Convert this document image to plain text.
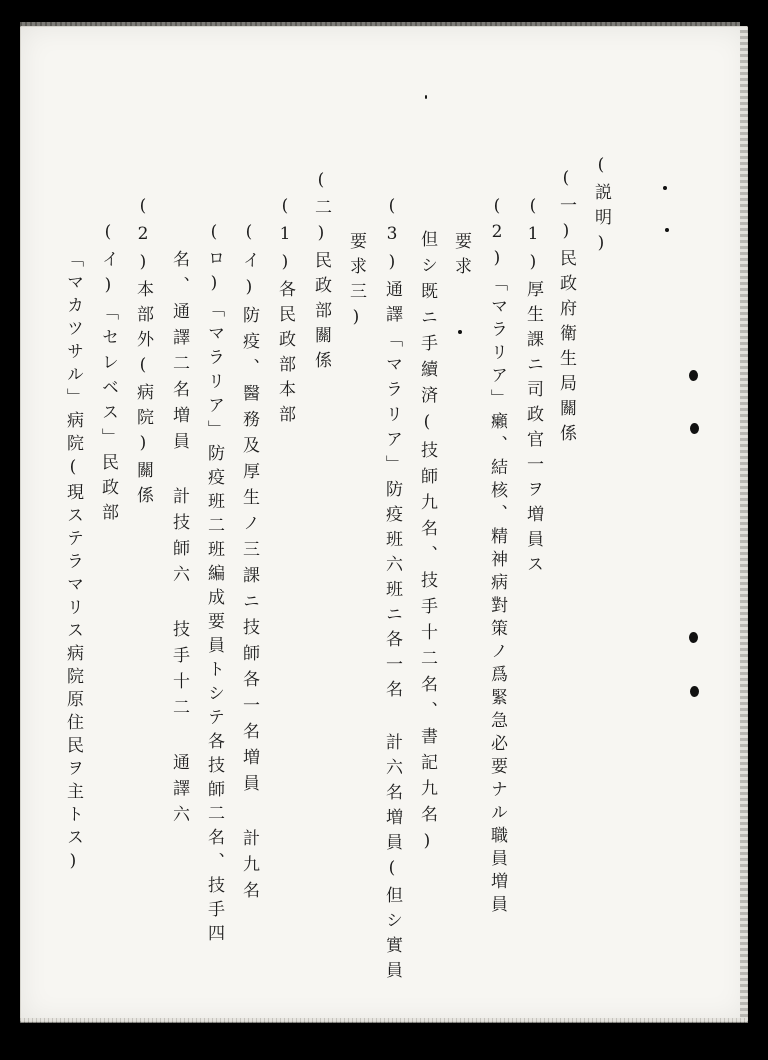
(説明)
(一)民政府衛生局關係
(1)厚生課ニ司政官一ヲ増員ス
(2)「マラリア」癩、結核、精神病對策ノ爲緊急必要ナル職員増員
要求
但シ既ニ手續済(技師九名、技手十二名、書記九名)
(3)通譯「マラリア」防疫班六班ニ各一名 計六名増員(但シ實員
要求三)
(二)民政部關係
(1)各民政部本部
(イ)防疫、醫務及厚生ノ三課ニ技師各一名増員 計九名
(ロ)「マラリア」防疫班二班編成要員トシテ各技師二名、技手四
名、通譯二名増員 計技師六 技手十二 通譯六
(2)本部外(病院)關係
(イ)「セレベス」民政部
「マカツサル」病院(現ステラマリス病院原住民ヲ主トス)
